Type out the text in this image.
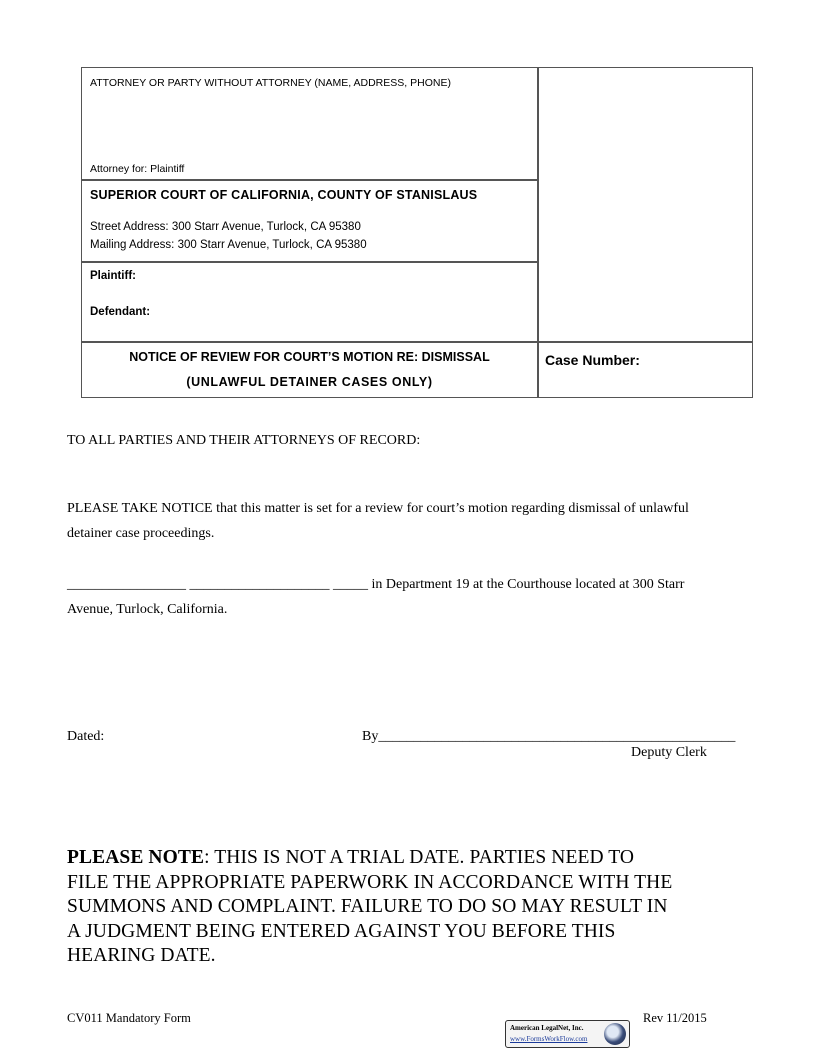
ATTORNEY OR PARTY WITHOUT ATTORNEY (NAME, ADDRESS, PHONE)
Attorney for: Plaintiff
SUPERIOR COURT OF CALIFORNIA, COUNTY OF STANISLAUS
Street Address: 300 Starr Avenue, Turlock, CA 95380
Mailing Address: 300 Starr Avenue, Turlock, CA 95380
Plaintiff:
Defendant:
NOTICE OF REVIEW FOR COURT’S MOTION RE: DISMISSAL
(UNLAWFUL DETAINER CASES ONLY)
Case Number:
TO ALL PARTIES AND THEIR ATTORNEYS OF RECORD:
PLEASE TAKE NOTICE that this matter is set for a review for court’s motion regarding dismissal of unlawful
detainer case proceedings.
_________________ ____________________ _____ in Department 19 at the Courthouse located at 300 Starr
Avenue, Turlock, California.
Dated:	By___________________________________________________
Deputy Clerk
PLEASE NOTE: THIS IS NOT A TRIAL DATE. PARTIES NEED TO
FILE THE APPROPRIATE PAPERWORK IN ACCORDANCE WITH THE
SUMMONS AND COMPLAINT. FAILURE TO DO SO MAY RESULT IN
A JUDGMENT BEING ENTERED AGAINST YOU BEFORE THIS
HEARING DATE.
CV011 Mandatory Form	Rev 11/2015
American LegalNet, Inc.
www.FormsWorkFlow.com
